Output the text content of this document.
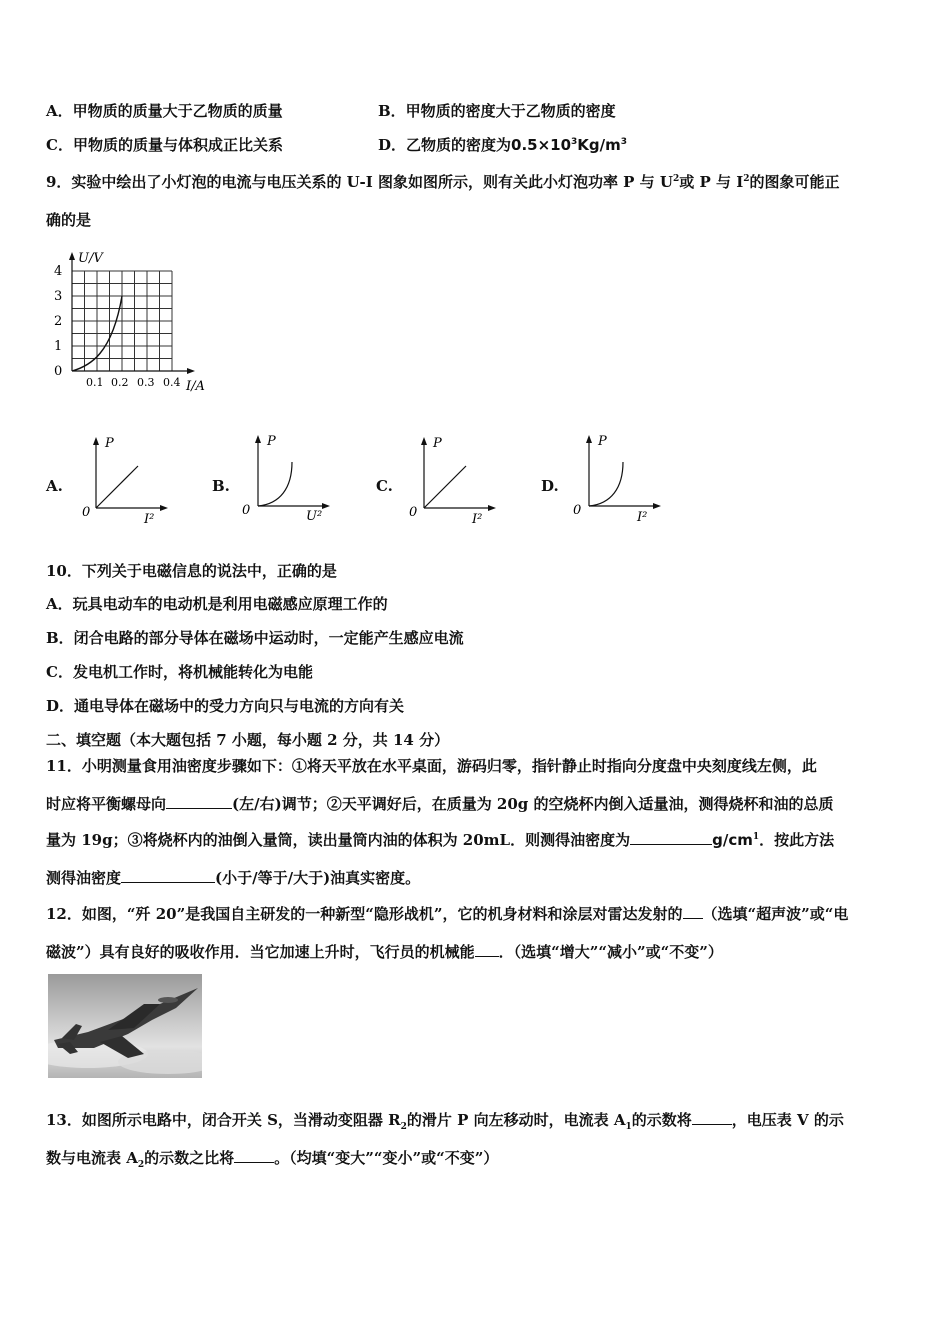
A．甲物质的质量大于乙物质的质量	B．甲物质的密度大于乙物质的密度
C．甲物质的质量与体积成正比关系	D．乙物质的密度为$0.5\times 10^3Kg/m^3$
9．实验中绘出了小灯泡的电流与电压关系的 U-I 图象如图所示，则有关此小灯泡功率 P 与 $U^2$或 P 与 $I^2$的图象可能正
确的是
U/V
0
1
2
3
4
0.1 0.2 0.3 0.4 I/A
A.
P
0	I²
B.
P
0	U²
C.
P
0	I²
D.
P
0	I²
10．下列关于电磁信息的说法中，正确的是
A．玩具电动车的电动机是利用电磁感应原理工作的
B．闭合电路的部分导体在磁场中运动时，一定能产生感应电流
C．发电机工作时，将机械能转化为电能
D．通电导体在磁场中的受力方向只与电流的方向有关
二、填空题（本大题包括 7 小题，每小题 2 分，共 14 分）
11．小明测量食用油密度步骤如下：①将天平放在水平桌面，游码归零，指针静止时指向分度盘中央刻度线左侧，此
时应将平衡螺母向	(左/右)调节；②天平调好后，在质量为 20g 的空烧杯内倒入适量油，测得烧杯和油的总质
量为 19g；③将烧杯内的油倒入量筒，读出量筒内油的体积为 20mL．则测得油密度为	$g/cm^1$．按此方法
测得油密度	(小于/等于/大于)油真实密度。
12．如图，“歼 20”是我国自主研发的一种新型“隐形战机”，它的机身材料和涂层对雷达发射的 （选填“超声波”或“电
磁波”）具有良好的吸收作用．当它加速上升时，飞行员的机械能 ．（选填“增大”“减小”或“不变”）
13．如图所示电路中，闭合开关 S，当滑动变阻器 $R_2$的滑片 P 向左移动时，电流表 $A_1$的示数将	，电压表 V 的示
数与电流表 $A_2$的示数之比将	。（均填“变大”“变小”或“不变”）
